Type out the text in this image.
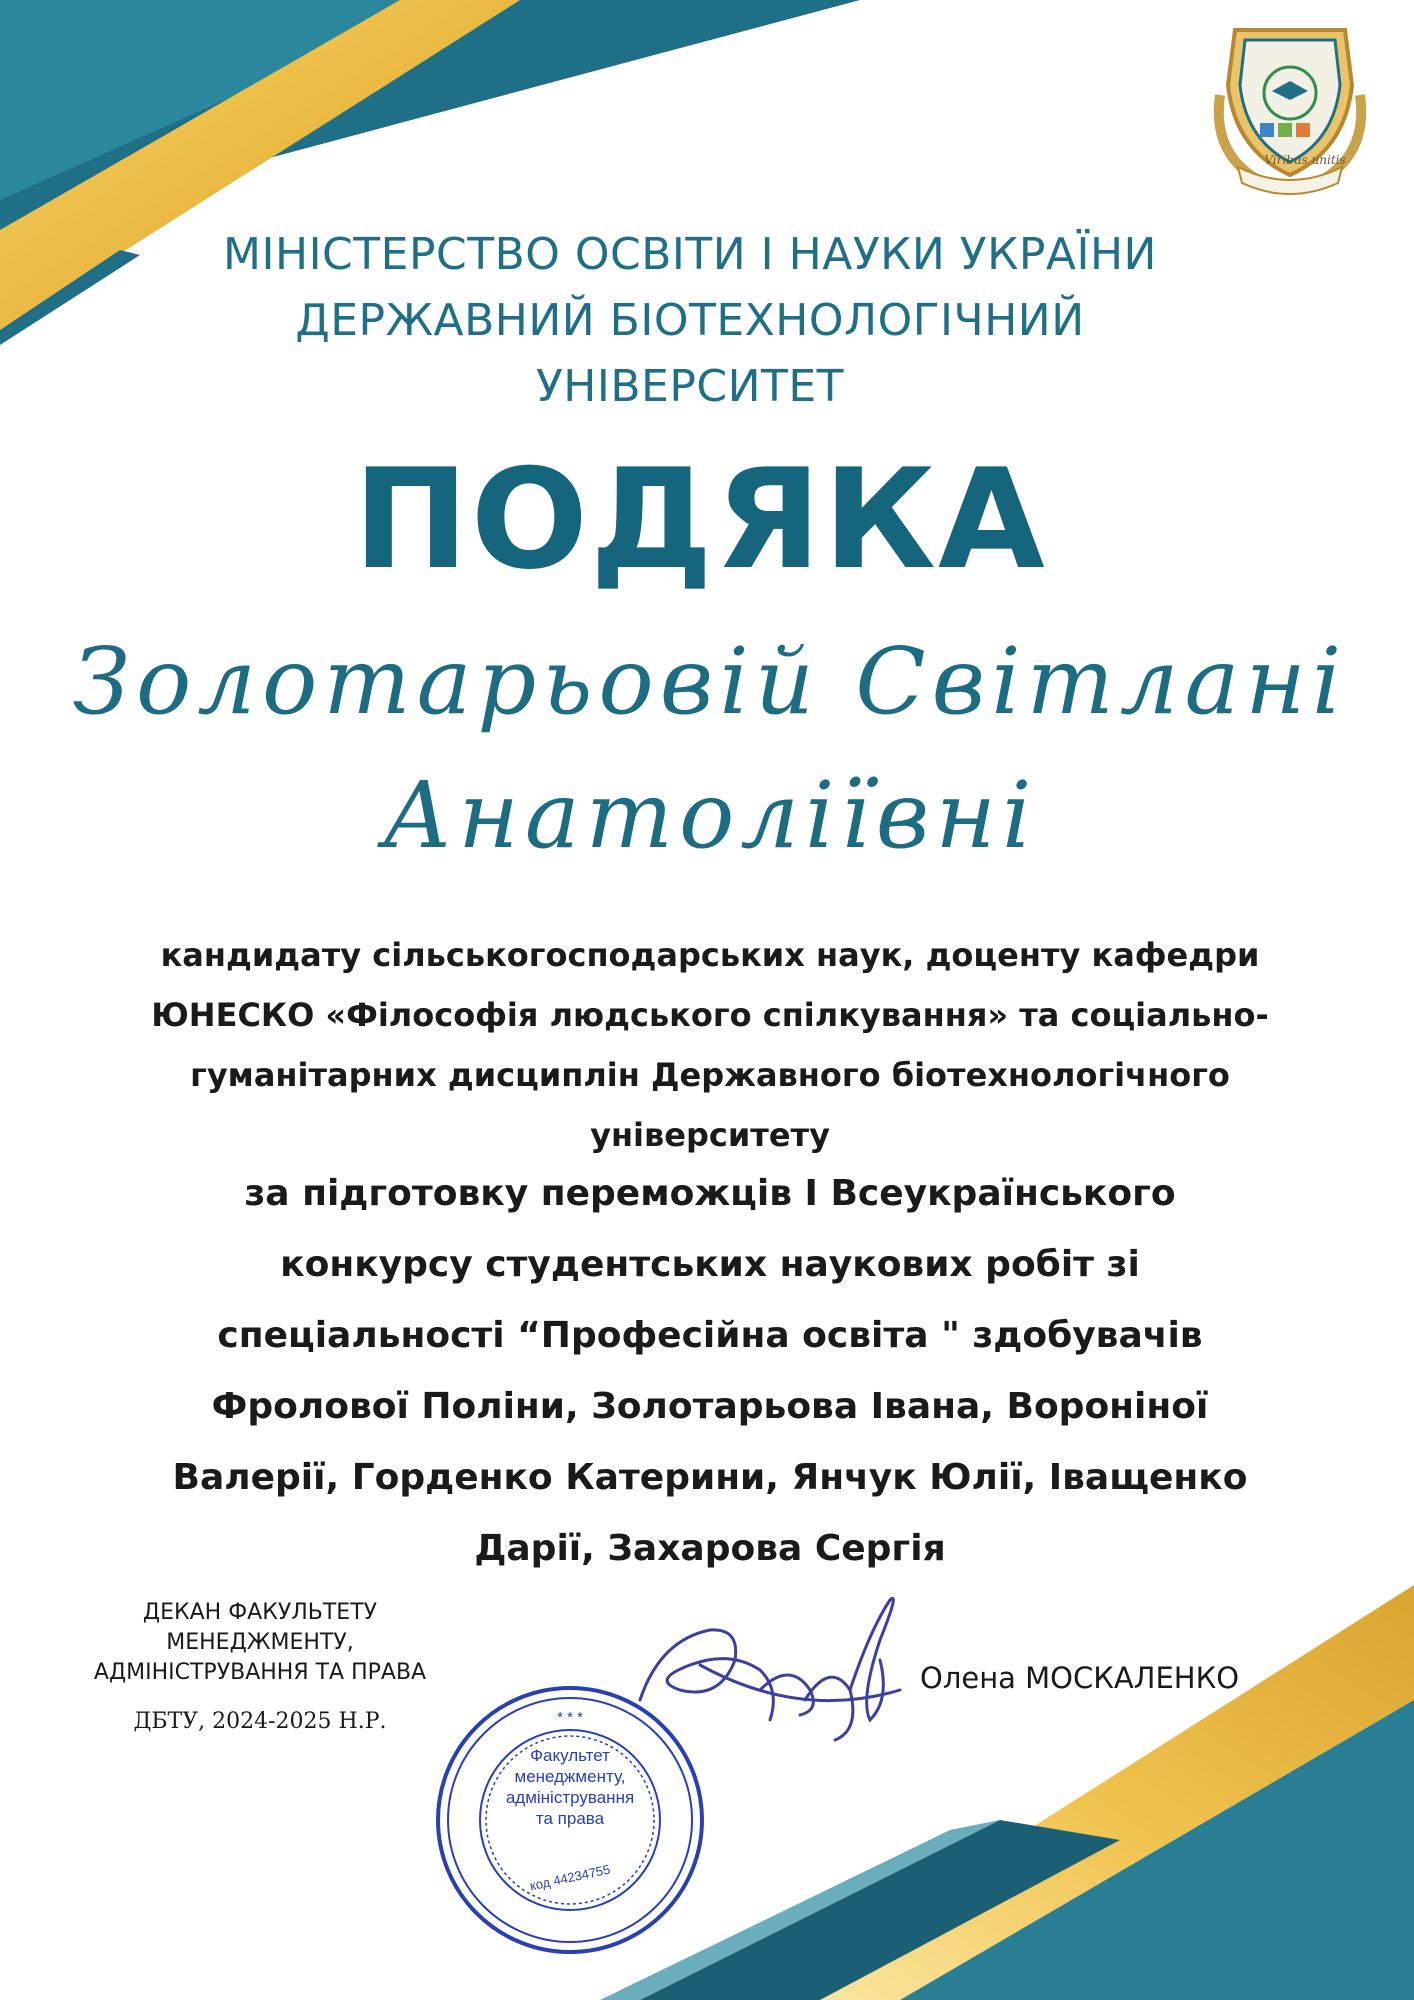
* * *
Viribus unitis
МІНІСТЕРСТВО ОСВІТИ І НАУКИ УКРАЇНИ
ДЕРЖАВНИЙ БІОТЕХНОЛОГІЧНИЙ
УНІВЕРСИТЕТ
ПОДЯКА
Золотарьовій Світлані
Анатоліївні
кандидату сільськогосподарських наук, доценту кафедри
ЮНЕСКО «Філософія людського спілкування» та соціально-
гуманітарних дисциплін Державного біотехнологічного
університету
за підготовку переможців І Всеукраїнського
конкурсу студентських наукових робіт зі
спеціальності “Професійна освіта " здобувачів
Фролової Поліни, Золотарьова Івана, Вороніної
Валерії, Горденко Катерини, Янчук Юлії, Іващенко
Дарії, Захарова Сергія
ДЕКАН ФАКУЛЬТЕТУ
МЕНЕДЖМЕНТУ,
АДМІНІСТРУВАННЯ ТА ПРАВА
ДБТУ, 2024-2025 Н.Р.
Олена МОСКАЛЕНКО
Факультет
менеджменту,
адміністрування
та права
код 44234755
